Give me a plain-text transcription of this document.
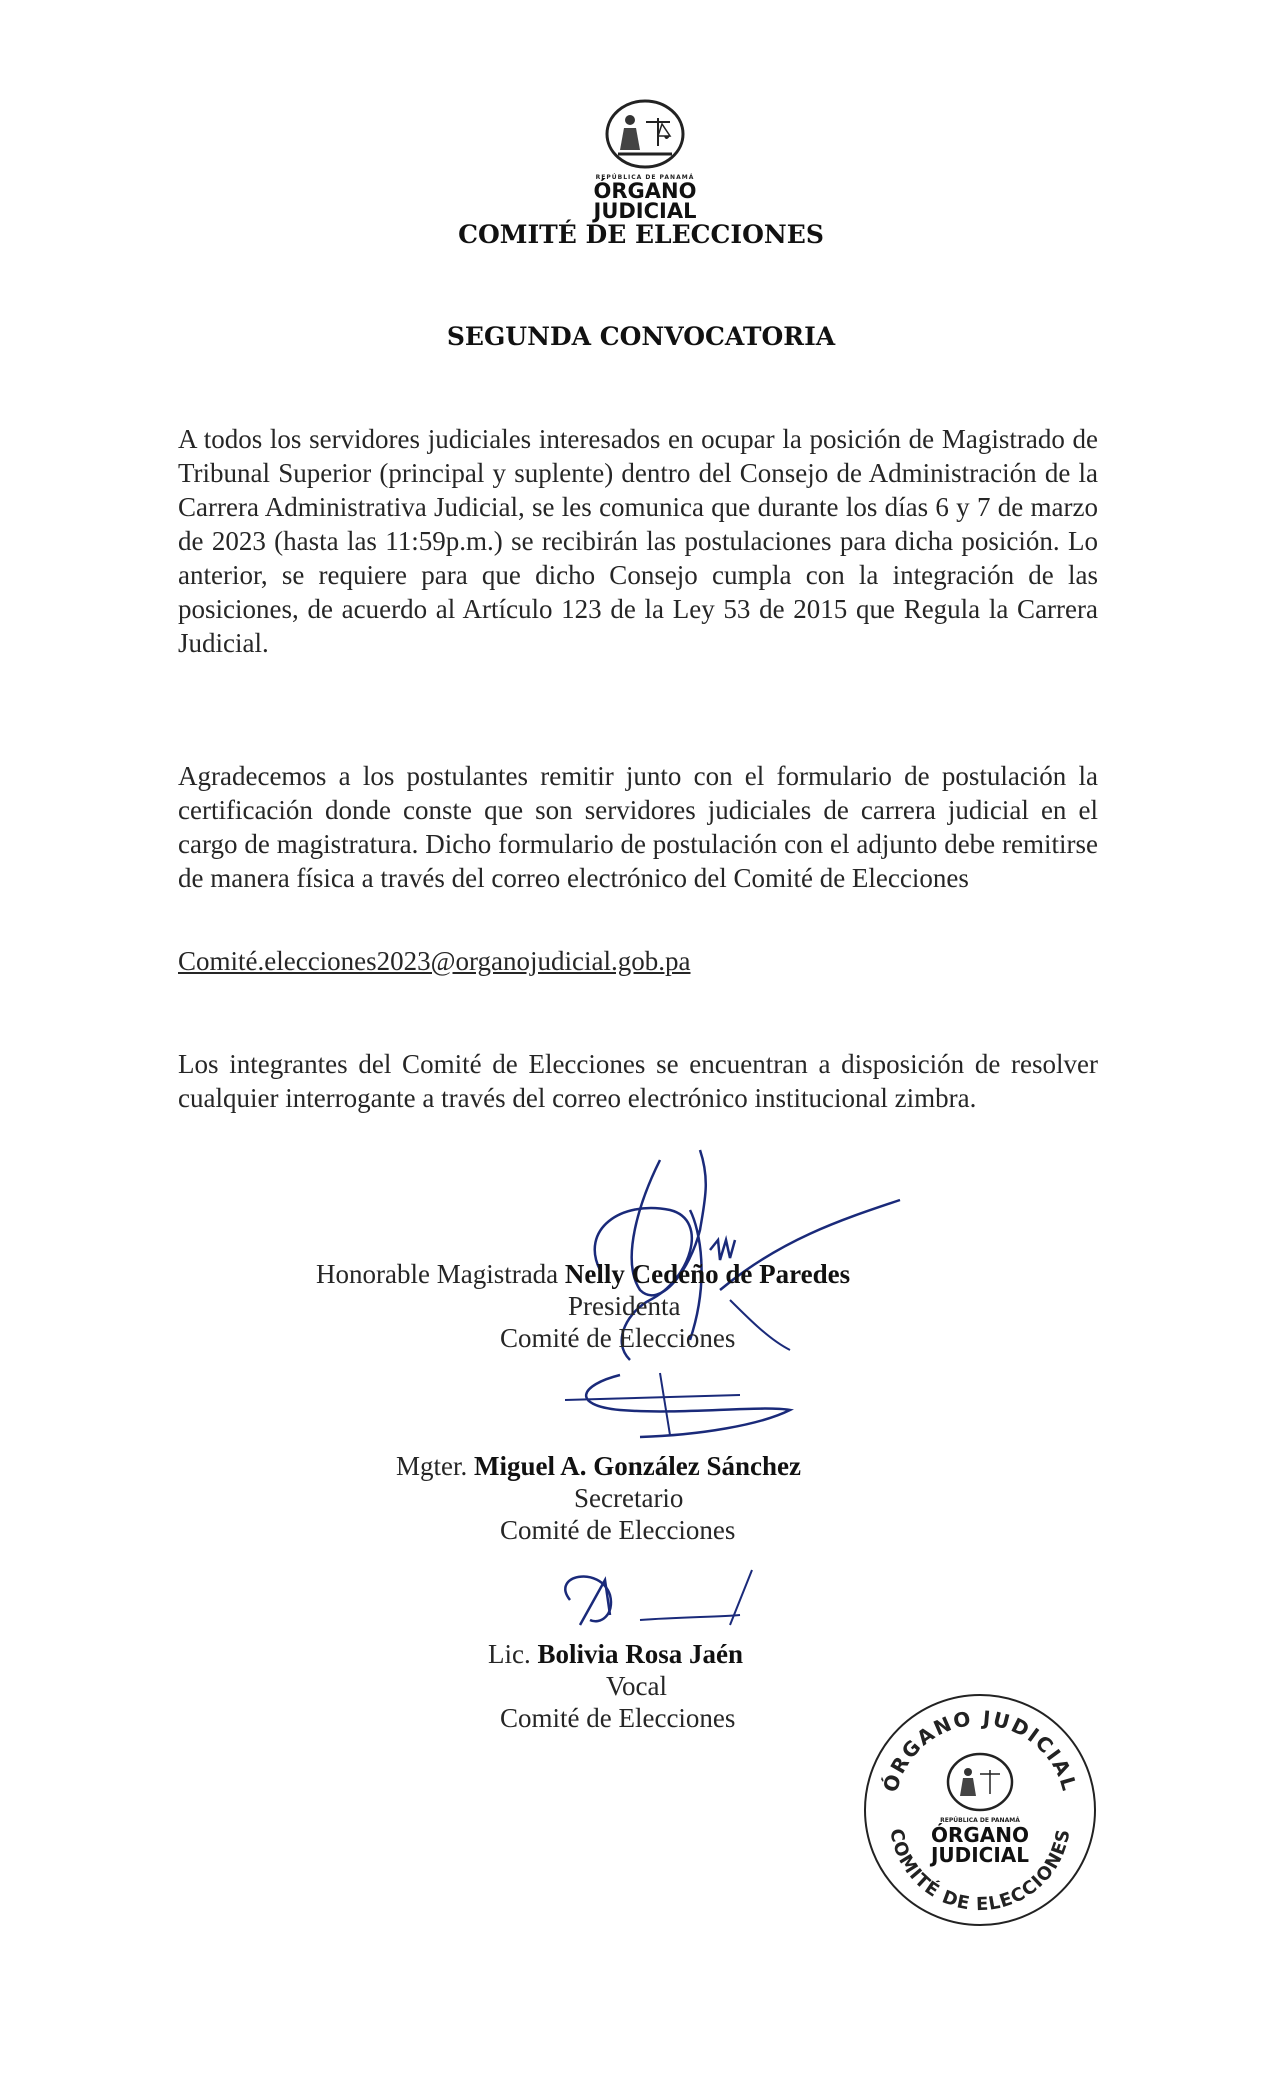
REPÚBLICA DE PANAMÁ
ÓRGANO
JUDICIAL
COMITÉ DE ELECCIONES
SEGUNDA CONVOCATORIA

A todos los servidores judiciales interesados en ocupar la posición de Magistrado de Tribunal Superior (principal y suplente) dentro del Consejo de Administración de la Carrera Administrativa Judicial, se les comunica que durante los días 6 y 7 de marzo de 2023 (hasta las 11:59p.m.) se recibirán las postulaciones para dicha posición. Lo anterior, se requiere para que dicho Consejo cumpla con la integración de las posiciones, de acuerdo al Artículo 123 de la Ley 53 de 2015 que Regula la Carrera Judicial.

Agradecemos a los postulantes remitir junto con el formulario de postulación la certificación donde conste que son servidores judiciales de carrera judicial en el cargo de magistratura. Dicho formulario de postulación con el adjunto debe remitirse de manera física a través del correo electrónico del Comité de Elecciones

Comité.elecciones2023@organojudicial.gob.pa

Los integrantes del Comité de Elecciones se encuentran a disposición de resolver cualquier interrogante a través del correo electrónico institucional zimbra.

Honorable Magistrada Nelly Cedeño de Paredes
Presidenta
Comité de Elecciones
Mgter. Miguel A. González Sánchez
Secretario
Comité de Elecciones
Lic. Bolivia Rosa Jaén
Vocal
Comité de Elecciones
ÓRGANO JUDICIAL
COMITÉ DE ELECCIONES
REPÚBLICA DE PANAMÁ
ÓRGANO
JUDICIAL
